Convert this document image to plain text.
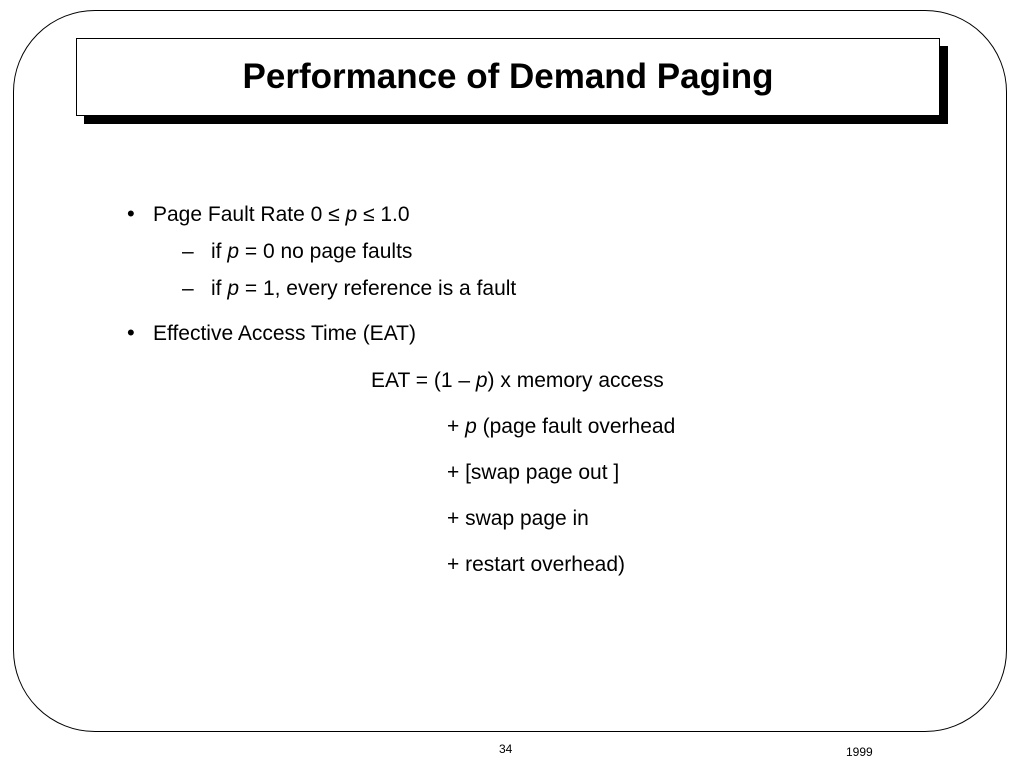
Performance of Demand Paging
• Page Fault Rate 0 ≤ p ≤ 1.0
– if p = 0 no page faults
– if p = 1, every reference is a fault
• Effective Access Time (EAT)
EAT = (1 – p) x memory access
+ p (page fault overhead
+ [swap page out ]
+ swap page in
+ restart overhead)
34	1999
